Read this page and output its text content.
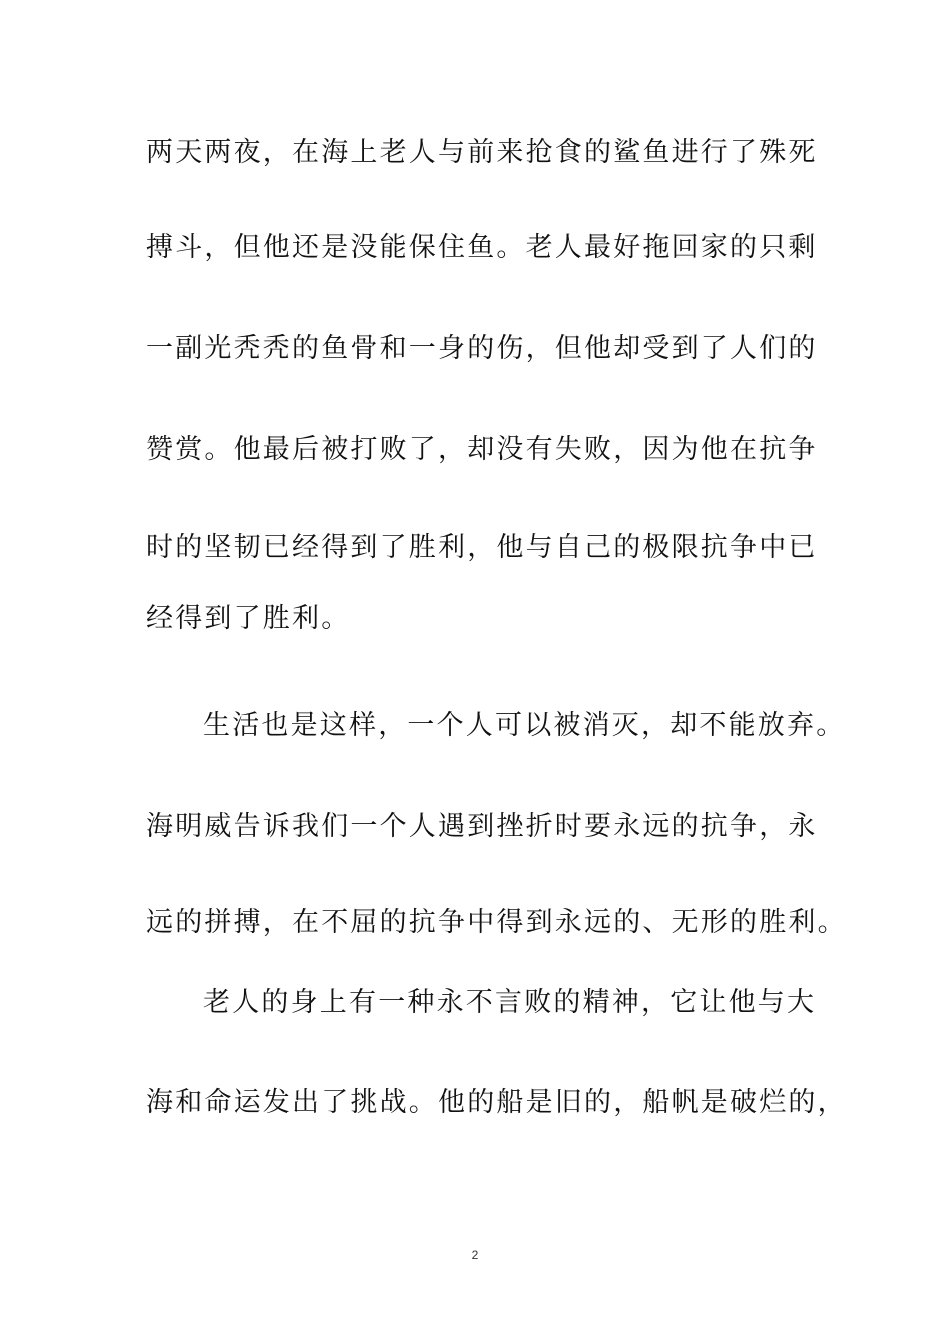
两天两夜，在海上老人与前来抢食的鲨鱼进行了殊死
搏斗，但他还是没能保住鱼。老人最好拖回家的只剩
一副光秃秃的鱼骨和一身的伤，但他却受到了人们的
赞赏。他最后被打败了，却没有失败，因为他在抗争
时的坚韧已经得到了胜利，他与自己的极限抗争中已
经得到了胜利。
生活也是这样，一个人可以被消灭，却不能放弃。
海明威告诉我们一个人遇到挫折时要永远的抗争，永
远的拼搏，在不屈的抗争中得到永远的、无形的胜利。
老人的身上有一种永不言败的精神，它让他与大
海和命运发出了挑战。他的船是旧的，船帆是破烂的，
2
